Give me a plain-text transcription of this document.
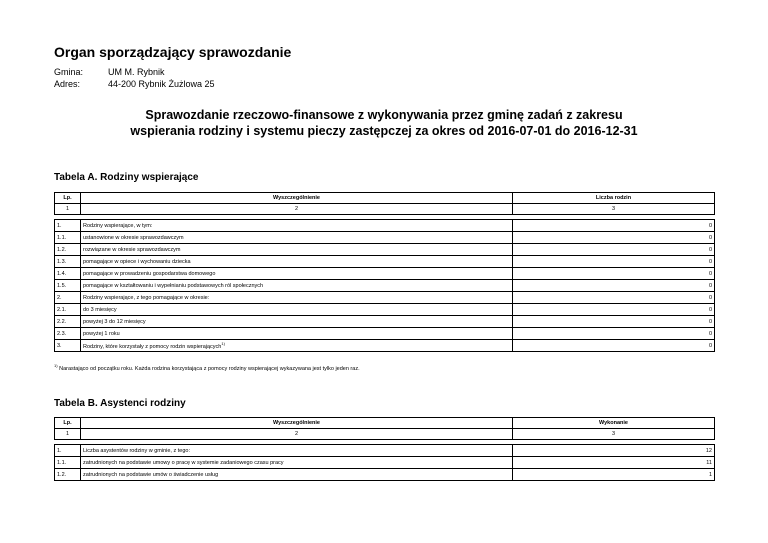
Organ sporządzający sprawozdanie
Gmina:	UM M. Rybnik
Adres:	44-200 Rybnik Żużlowa 25
Sprawozdanie rzeczowo-finansowe z wykonywania przez gminę zadań z zakresu
wspierania rodziny i systemu pieczy zastępczej za okres od 2016-07-01 do 2016-12-31
Tabela A. Rodziny wspierające
Lp.	Wyszczególnienie	Liczba rodzin
1	2	3

1.	Rodziny wspierające, w tym:	0
1.1.	ustanowione w okresie sprawozdawczym	0
1.2.	rozwiązane w okresie sprawozdawczym	0
1.3.	pomagające w opiece i wychowaniu dziecka	0
1.4.	pomagające w prowadzeniu gospodarstwa domowego	0
1.5.	pomagające w kształtowaniu i wypełnianiu podstawowych ról społecznych	0
2.	Rodziny wspierające, z tego pomagające w okresie:	0
2.1.	do 3 miesięcy	0
2.2.	powyżej 3 do 12 miesięcy	0
2.3.	powyżej 1 roku	0
3.	Rodziny, które korzystały z pomocy rodzin wspierających$^{1)}$	0
$^{1)}$ Narastająco od początku roku. Każda rodzina korzystająca z pomocy rodziny wspierającej wykazywana jest tylko jeden raz.
Tabela B. Asystenci rodziny
Lp.	Wyszczególnienie	Wykonanie
1	2	3

1.	Liczba asystentów rodziny w gminie, z tego:	12
1.1.	zatrudnionych na podstawie umowy o pracę w systemie zadaniowego czasu pracy	11
1.2.	zatrudnionych na podstawie umów o świadczenie usług	1
